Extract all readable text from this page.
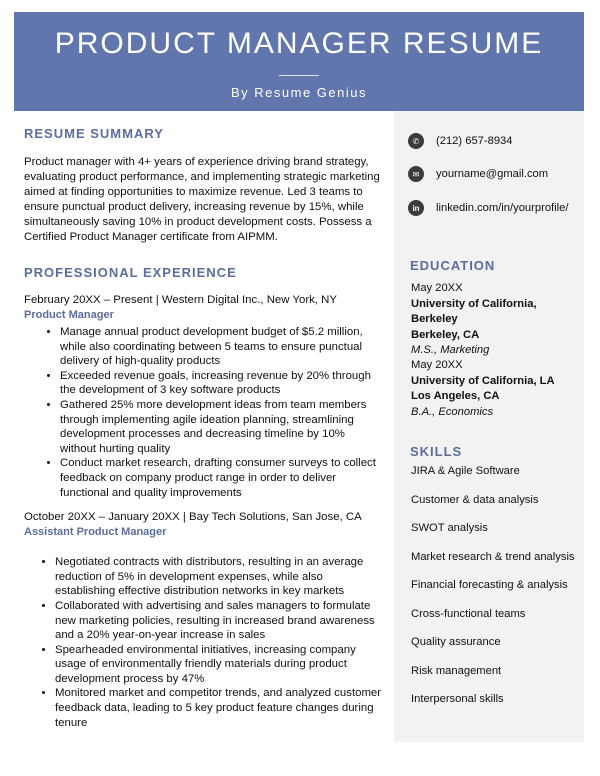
PRODUCT MANAGER RESUME
By Resume Genius
RESUME SUMMARY
Product manager with 4+ years of experience driving brand strategy, evaluating product performance, and implementing strategic marketing aimed at finding opportunities to maximize revenue. Led 3 teams to ensure punctual product delivery, increasing revenue by 15%, while simultaneously saving 10% in product development costs. Possess a Certified Product Manager certificate from AIPMM.
PROFESSIONAL EXPERIENCE
February 20XX – Present | Western Digital Inc., New York, NY
Product Manager
• Manage annual product development budget of $5.2 million, while also coordinating between 5 teams to ensure punctual delivery of high-quality products
• Exceeded revenue goals, increasing revenue by 20% through the development of 3 key software products
• Gathered 25% more development ideas from team members through implementing agile ideation planning, streamlining development processes and decreasing timeline by 10% without hurting quality
• Conduct market research, drafting consumer surveys to collect feedback on company product range in order to deliver functional and quality improvements
October 20XX – January 20XX | Bay Tech Solutions, San Jose, CA
Assistant Product Manager
• Negotiated contracts with distributors, resulting in an average reduction of 5% in development expenses, while also establishing effective distribution networks in key markets
• Collaborated with advertising and sales managers to formulate new marketing policies, resulting in increased brand awareness and a 20% year-on-year increase in sales
• Spearheaded environmental initiatives, increasing company usage of environmentally friendly materials during product development process by 47%
• Monitored market and competitor trends, and analyzed customer feedback data, leading to 5 key product feature changes during tenure
✆	(212) 657-8934
✉	yourname@gmail.com
in	linkedin.com/in/yourprofile/
EDUCATION
May 20XX
University of California, Berkeley
Berkeley, CA
M.S., Marketing
May 20XX
University of California, LA
Los Angeles, CA
B.A., Economics
SKILLS
JIRA & Agile Software
Customer & data analysis
SWOT analysis
Market research & trend analysis
Financial forecasting & analysis
Cross-functional teams
Quality assurance
Risk management
Interpersonal skills
